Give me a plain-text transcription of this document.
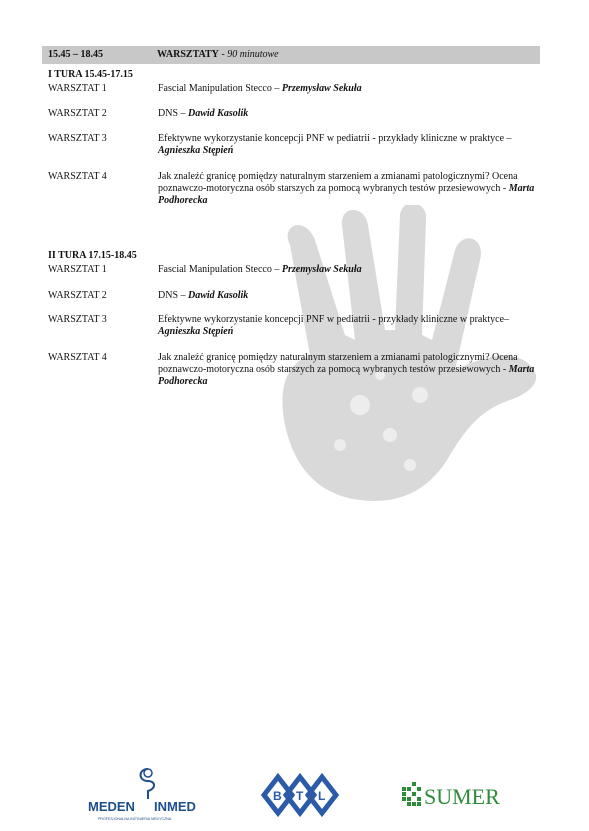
15.45 – 18.45	WARSZTATY - 90 minutowe
I TURA 15.45-17.15
WARSZTAT 1	Fascial Manipulation Stecco – Przemysław Sekuła
WARSZTAT 2	DNS – Dawid Kasolik
WARSZTAT 3	Efektywne wykorzystanie koncepcji PNF w pediatrii - przykłady kliniczne w praktyce – Agnieszka Stępień
WARSZTAT 4	Jak znaleźć granicę pomiędzy naturalnym starzeniem a zmianami patologicznymi? Ocena poznawczo-motoryczna osób starszych za pomocą wybranych testów przesiewowych - Marta Podhorecka
II TURA 17.15-18.45
WARSZTAT 1	Fascial Manipulation Stecco – Przemysław Sekuła
WARSZTAT 2	DNS – Dawid Kasolik
WARSZTAT 3	Efektywne wykorzystanie koncepcji PNF w pediatrii - przykłady kliniczne w praktyce– Agnieszka Stępień
WARSZTAT 4	Jak znaleźć granicę pomiędzy naturalnym starzeniem a zmianami patologicznymi? Ocena poznawczo-motoryczna osób starszych za pomocą wybranych testów przesiewowych - Marta Podhorecka
MEDEN INMED
PROFESJONALNA INŻYNIERIA MEDYCZNA
B T L	SUMER
